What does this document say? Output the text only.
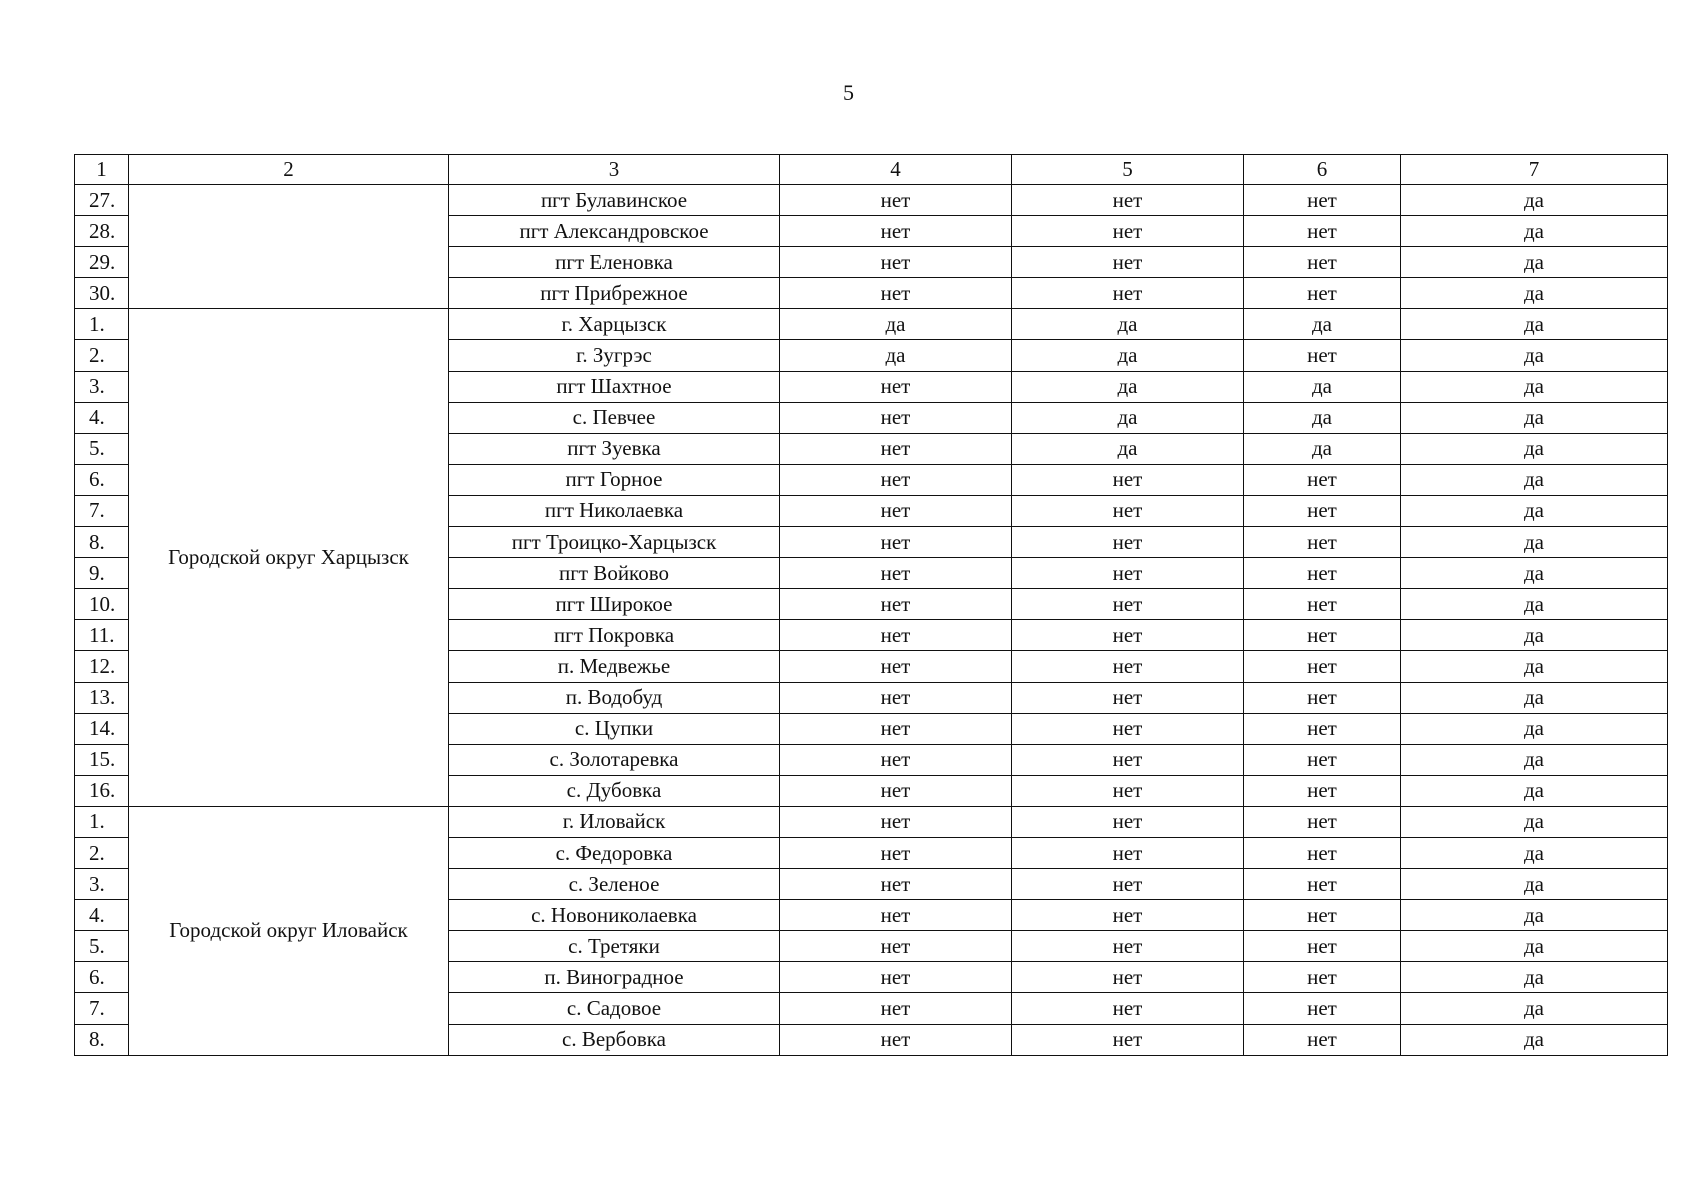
5
1	2	3	4	5	6	7
27.		пгт Булавинское	нет	нет	нет	да
28.		пгт Александровское	нет	нет	нет	да
29.		пгт Еленовка	нет	нет	нет	да
30.		пгт Прибрежное	нет	нет	нет	да
1.	Городской округ Харцызск	г. Харцызск	да	да	да	да
2.		г. Зугрэс	да	да	нет	да
3.		пгт Шахтное	нет	да	да	да
4.		с. Певчее	нет	да	да	да
5.		пгт Зуевка	нет	да	да	да
6.		пгт Горное	нет	нет	нет	да
7.		пгт Николаевка	нет	нет	нет	да
8.		пгт Троицко-Харцызск	нет	нет	нет	да
9.		пгт Войково	нет	нет	нет	да
10.		пгт Широкое	нет	нет	нет	да
11.		пгт Покровка	нет	нет	нет	да
12.		п. Медвежье	нет	нет	нет	да
13.		п. Водобуд	нет	нет	нет	да
14.		с. Цупки	нет	нет	нет	да
15.		с. Золотаревка	нет	нет	нет	да
16.		с. Дубовка	нет	нет	нет	да
1.	Городской округ Иловайск	г. Иловайск	нет	нет	нет	да
2.		с. Федоровка	нет	нет	нет	да
3.		с. Зеленое	нет	нет	нет	да
4.		с. Новониколаевка	нет	нет	нет	да
5.		с. Третяки	нет	нет	нет	да
6.		п. Виноградное	нет	нет	нет	да
7.		с. Садовое	нет	нет	нет	да
8.		с. Вербовка	нет	нет	нет	да
